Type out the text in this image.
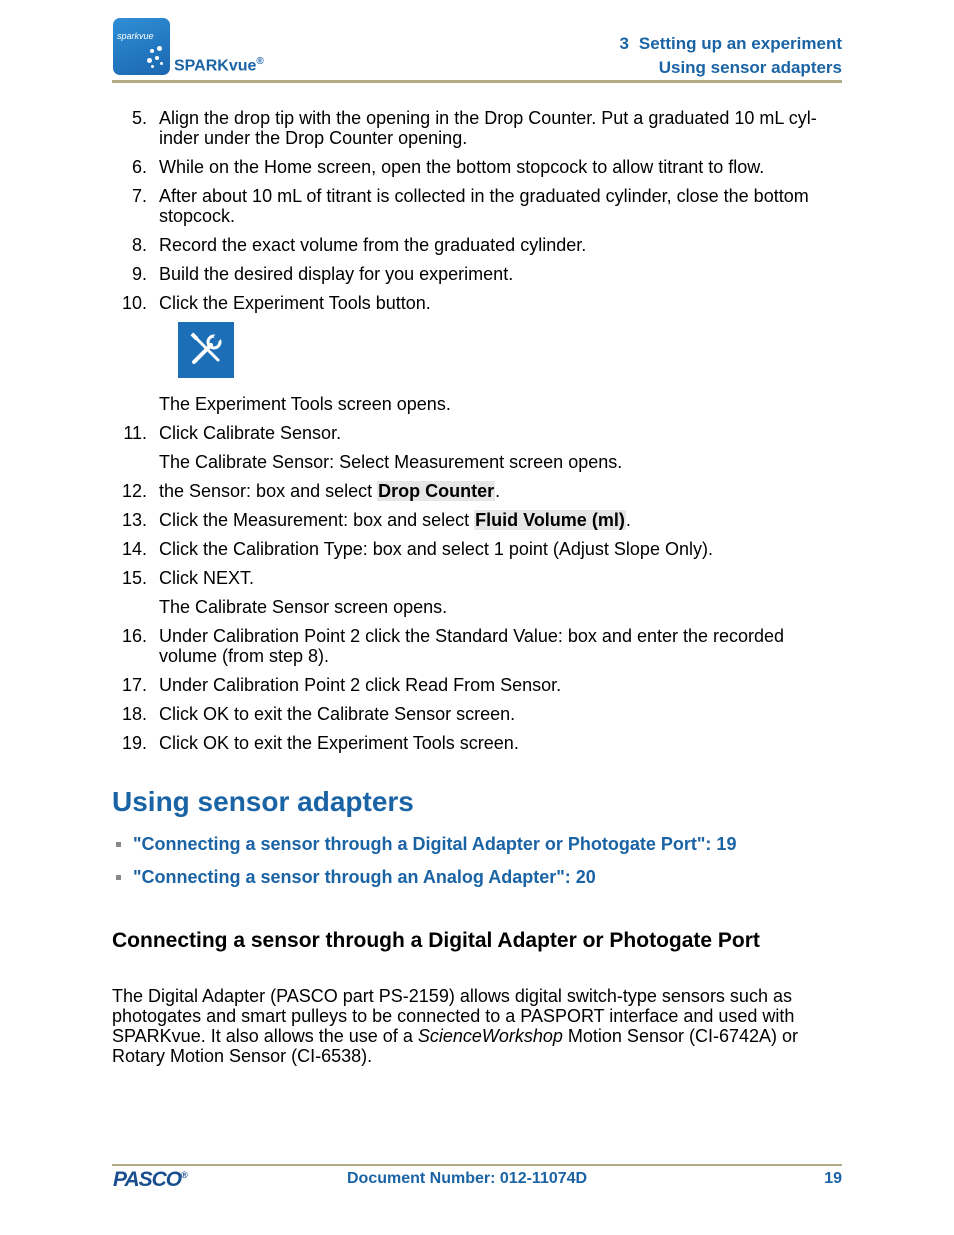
sparkvue
SPARKvue®
3 Setting up an experiment
Using sensor adapters
5. Align the drop tip with the opening in the Drop Counter. Put a graduated 10 mL cyl-inder under the Drop Counter opening.
6. While on the Home screen, open the bottom stopcock to allow titrant to flow.
7. After about 10 mL of titrant is collected in the graduated cylinder, close the bottom stopcock.
8. Record the exact volume from the graduated cylinder.
9. Build the desired display for you experiment.
10. Click the Experiment Tools button.
The Experiment Tools screen opens.
11. Click Calibrate Sensor.
The Calibrate Sensor: Select Measurement screen opens.
12. the Sensor: box and select Drop Counter.
13. Click the Measurement: box and select Fluid Volume (ml).
14. Click the Calibration Type: box and select 1 point (Adjust Slope Only).
15. Click NEXT.
The Calibrate Sensor screen opens.
16. Under Calibration Point 2 click the Standard Value: box and enter the recorded volume (from step 8).
17. Under Calibration Point 2 click Read From Sensor.
18. Click OK to exit the Calibrate Sensor screen.
19. Click OK to exit the Experiment Tools screen.
Using sensor adapters
"Connecting a sensor through a Digital Adapter or Photogate Port": 19
"Connecting a sensor through an Analog Adapter": 20
Connecting a sensor through a Digital Adapter or Photogate Port
The Digital Adapter (PASCO part PS-2159) allows digital switch-type sensors such as photogates and smart pulleys to be connected to a PASPORT interface and used with SPARKvue. It also allows the use of a ScienceWorkshop Motion Sensor (CI-6742A) or Rotary Motion Sensor (CI-6538).
PASCO®	Document Number: 012-11074D	19
